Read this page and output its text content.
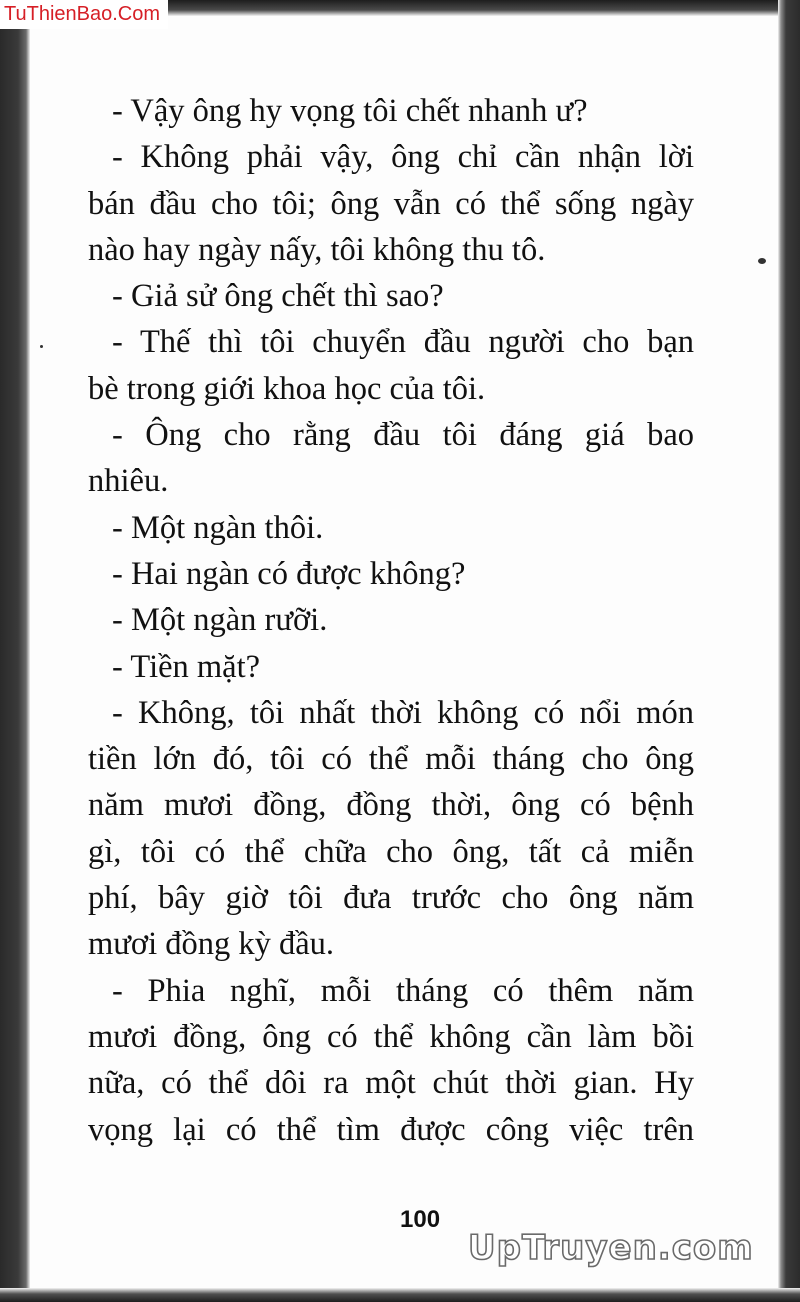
TuThienBao.Com
- Vậy ông hy vọng tôi chết nhanh ư?
- Không phải vậy, ông chỉ cần nhận lời
bán đầu cho tôi; ông vẫn có thể sống ngày
nào hay ngày nấy, tôi không thu tô.
- Giả sử ông chết thì sao?
- Thế thì tôi chuyển đầu người cho bạn
bè trong giới khoa học của tôi.
- Ông cho rằng đầu tôi đáng giá bao
nhiêu.
- Một ngàn thôi.
- Hai ngàn có được không?
- Một ngàn rưỡi.
- Tiền mặt?
- Không, tôi nhất thời không có nổi món
tiền lớn đó, tôi có thể mỗi tháng cho ông
năm mươi đồng, đồng thời, ông có bệnh
gì, tôi có thể chữa cho ông, tất cả miễn
phí, bây giờ tôi đưa trước cho ông năm
mươi đồng kỳ đầu.
- Phia nghĩ, mỗi tháng có thêm năm
mươi đồng, ông có thể không cần làm bồi
nữa, có thể dôi ra một chút thời gian. Hy
vọng lại có thể tìm được công việc trên
100
UpTruyen.com
